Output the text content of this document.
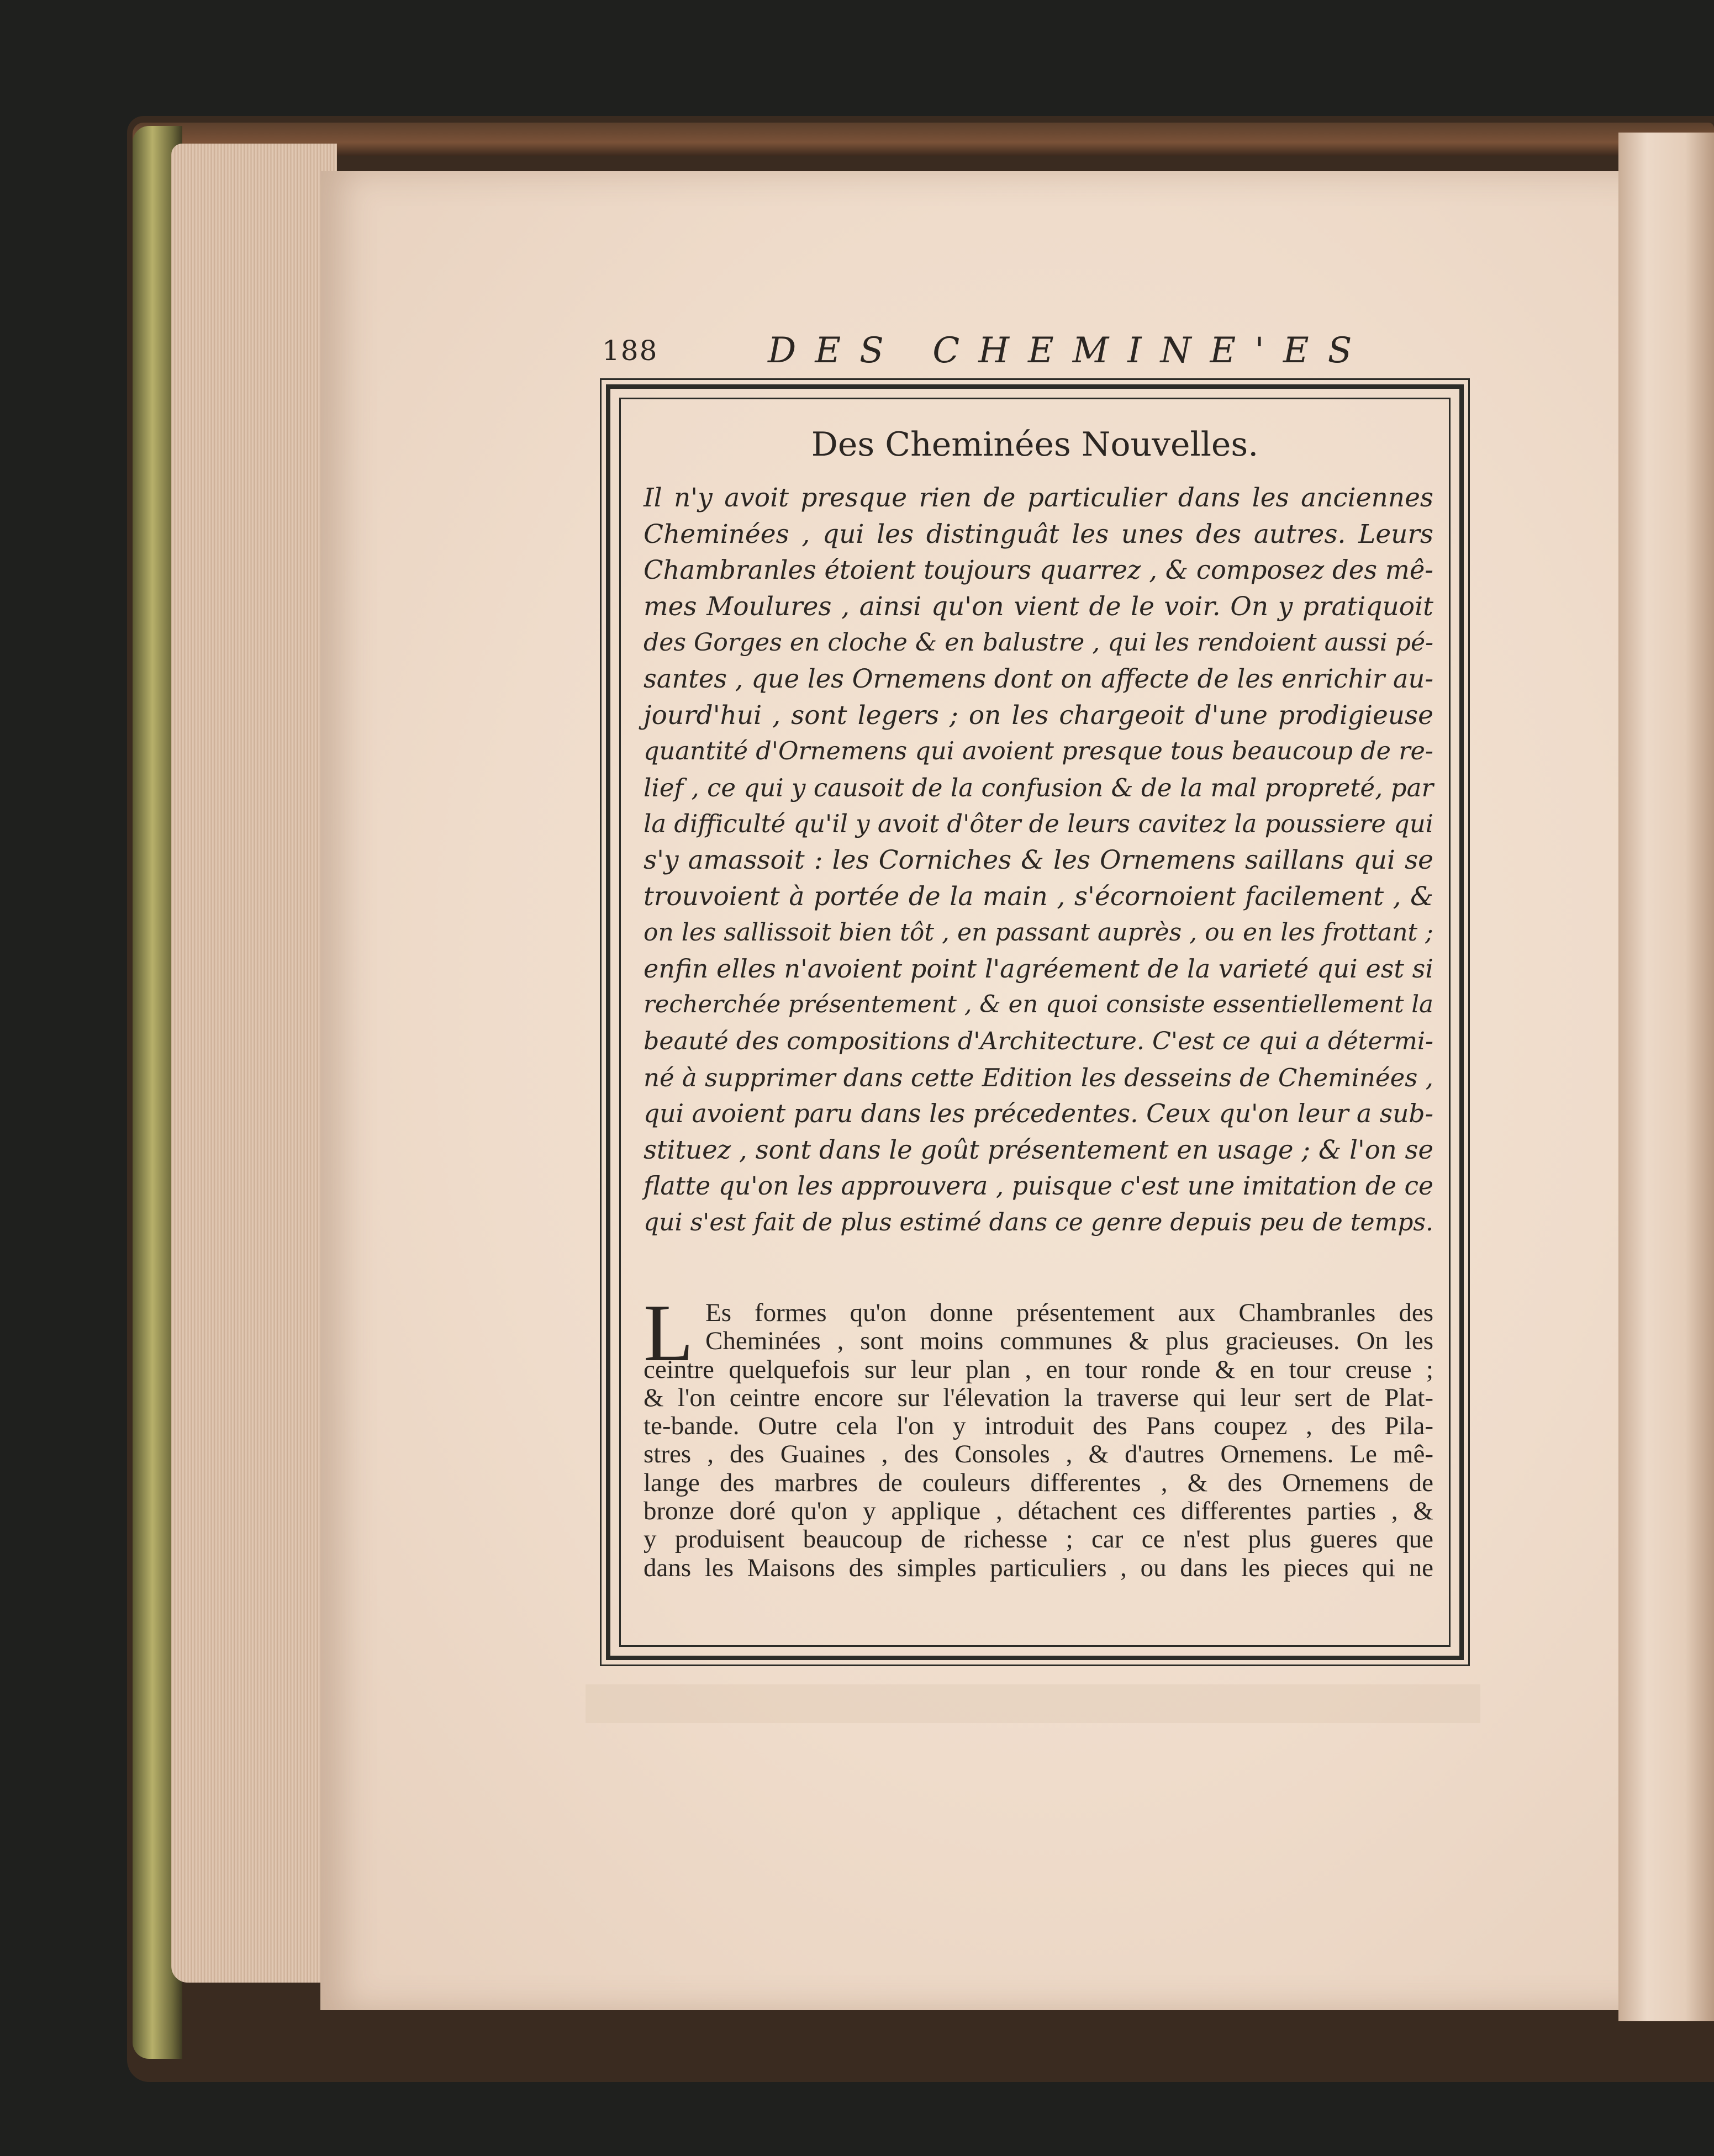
188	DES CHEMINE'ES
Des Cheminées Nouvelles.
Il n'y avoit presque rien de particulier dans les anciennes
Cheminées , qui les distinguât les unes des autres. Leurs
Chambranles étoient toujours quarrez , & composez des mê-
mes Moulures , ainsi qu'on vient de le voir. On y pratiquoit
des Gorges en cloche & en balustre , qui les rendoient aussi pé-
santes , que les Ornemens dont on affecte de les enrichir au-
jourd'hui , sont legers ; on les chargeoit d'une prodigieuse
quantité d'Ornemens qui avoient presque tous beaucoup de re-
lief , ce qui y causoit de la confusion & de la mal propreté, par
la difficulté qu'il y avoit d'ôter de leurs cavitez la poussiere qui
s'y amassoit : les Corniches & les Ornemens saillans qui se
trouvoient à portée de la main , s'écornoient facilement , &
on les sallissoit bien tôt , en passant auprès , ou en les frottant ;
enfin elles n'avoient point l'agréement de la varieté qui est si
recherchée présentement , & en quoi consiste essentiellement la
beauté des compositions d'Architecture. C'est ce qui a détermi-
né à supprimer dans cette Edition les desseins de Cheminées ,
qui avoient paru dans les précedentes. Ceux qu'on leur a sub-
stituez , sont dans le goût présentement en usage ; & l'on se
flatte qu'on les approuvera , puisque c'est une imitation de ce
qui s'est fait de plus estimé dans ce genre depuis peu de temps.
L Es formes qu'on donne présentement aux Chambranles des
Cheminées , sont moins communes & plus gracieuses. On les
ceintre quelquefois sur leur plan , en tour ronde & en tour creuse ;
& l'on ceintre encore sur l'élevation la traverse qui leur sert de Plat-
te-bande. Outre cela l'on y introduit des Pans coupez , des Pila-
stres , des Guaines , des Consoles , & d'autres Ornemens. Le mê-
lange des marbres de couleurs differentes , & des Ornemens de
bronze doré qu'on y applique , détachent ces differentes parties , &
y produisent beaucoup de richesse ; car ce n'est plus gueres que
dans les Maisons des simples particuliers , ou dans les pieces qui ne
